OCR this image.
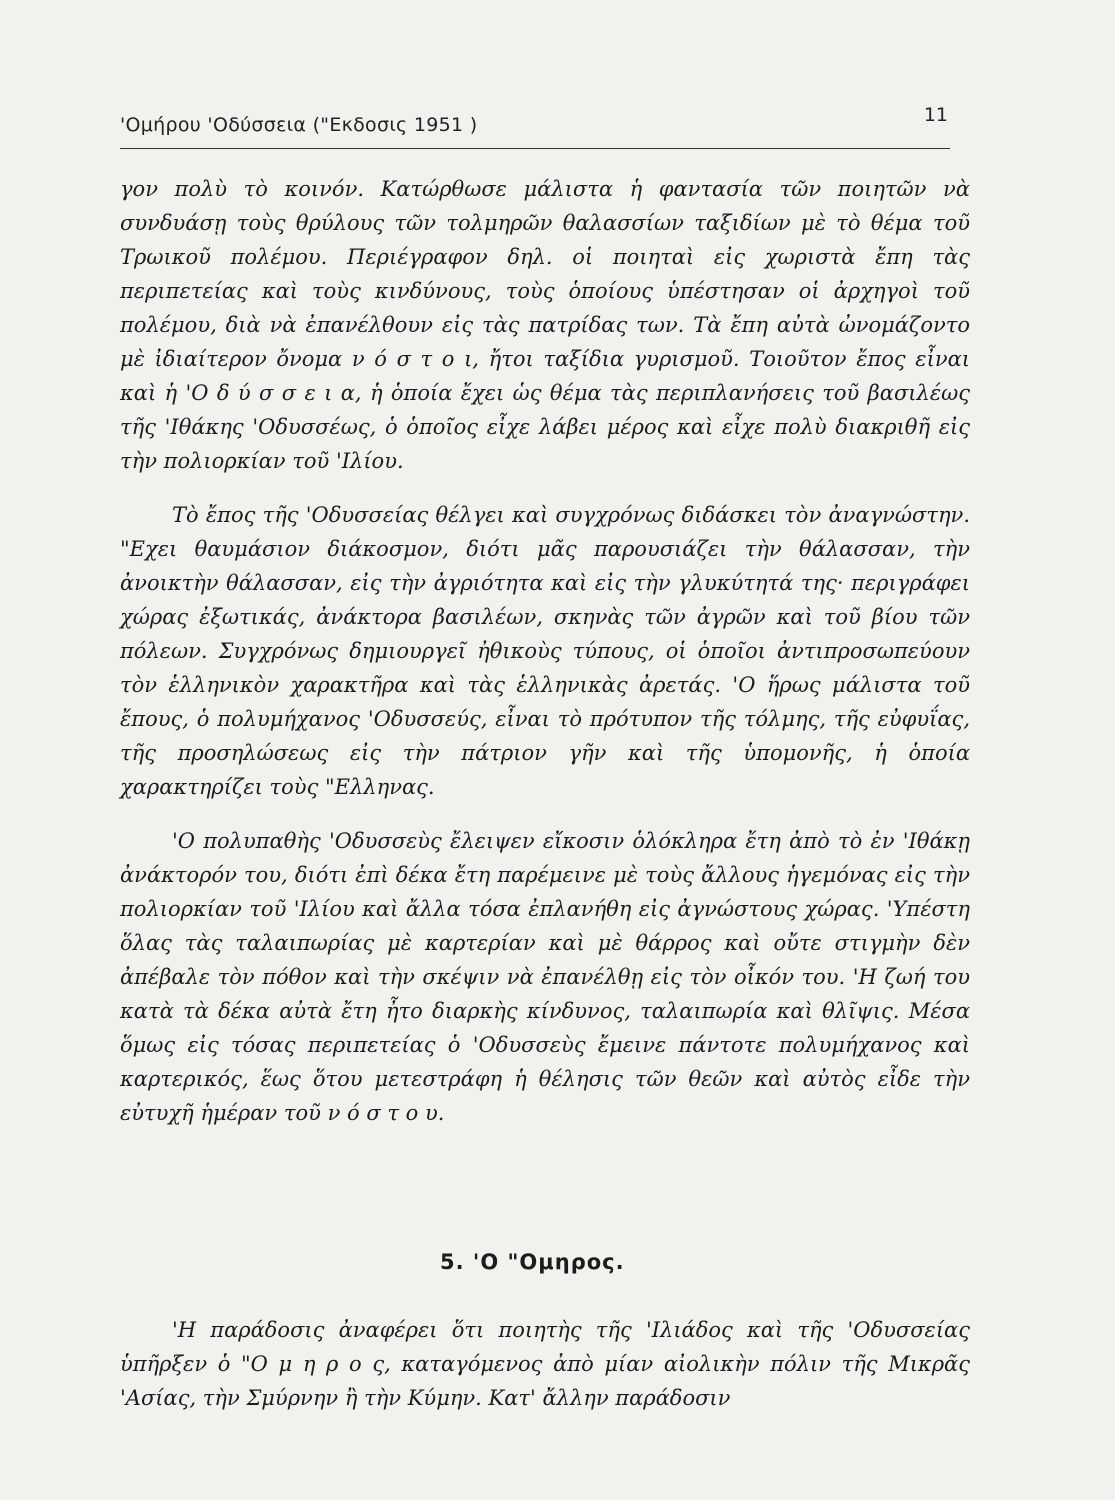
'Ομήρου 'Οδύσσεια ("Εκδοσις 1951 )	11

γον πολὺ τὸ κοινόν. Κατώρθωσε μάλιστα ἡ φαντασία τῶν ποιητῶν νὰ συνδυάσῃ τοὺς θρύλους τῶν τολμηρῶν θαλασσίων ταξιδίων μὲ τὸ θέμα τοῦ Τρωικοῦ πολέμου. Περιέγραφον δηλ. οἱ ποιηταὶ εἰς χωριστὰ ἔπη τὰς περιπετείας καὶ τοὺς κινδύνους, τοὺς ὁποίους ὑπέστησαν οἱ ἀρχηγοὶ τοῦ πολέμου, διὰ νὰ ἐπανέλθουν εἰς τὰς πατρίδας των. Τὰ ἔπη αὐτὰ ὠνομάζοντο μὲ ἰδιαίτερον ὄνομα ν ό σ τ ο ι, ἤτοι ταξίδια γυρισμοῦ. Τοιοῦτον ἔπος εἶναι καὶ ἡ 'Ο δ ύ σ σ ε ι α, ἡ ὁποία ἔχει ὡς θέμα τὰς περιπλανήσεις τοῦ βασιλέως τῆς 'Ιθάκης 'Οδυσσέως, ὁ ὁποῖος εἶχε λάβει μέρος καὶ εἶχε πολὺ διακριθῆ εἰς τὴν πολιορκίαν τοῦ 'Ιλίου.

Τὸ ἔπος τῆς 'Οδυσσείας θέλγει καὶ συγχρόνως διδάσκει τὸν ἀναγνώστην. "Εχει θαυμάσιον διάκοσμον, διότι μᾶς παρουσιάζει τὴν θάλασσαν, τὴν ἀνοικτὴν θάλασσαν, εἰς τὴν ἀγριότητα καὶ εἰς τὴν γλυκύτητά της· περιγράφει χώρας ἐξωτικάς, ἀνάκτορα βασιλέων, σκηνὰς τῶν ἀγρῶν καὶ τοῦ βίου τῶν πόλεων. Συγχρόνως δημιουργεῖ ἠθικοὺς τύπους, οἱ ὁποῖοι ἀντιπροσωπεύουν τὸν ἑλληνικὸν χαρακτῆρα καὶ τὰς ἑλληνικὰς ἀρετάς. 'Ο ἥρως μάλιστα τοῦ ἔπους, ὁ πολυμήχανος 'Οδυσσεύς, εἶναι τὸ πρότυπον τῆς τόλμης, τῆς εὐφυΐας, τῆς προσηλώσεως εἰς τὴν πάτριον γῆν καὶ τῆς ὑπομονῆς, ἡ ὁποία χαρακτηρίζει τοὺς "Ελληνας.

'Ο πολυπαθὴς 'Οδυσσεὺς ἔλειψεν εἴκοσιν ὁλόκληρα ἔτη ἀπὸ τὸ ἐν 'Ιθάκῃ ἀνάκτορόν του, διότι ἐπὶ δέκα ἔτη παρέμεινε μὲ τοὺς ἄλλους ἡγεμόνας εἰς τὴν πολιορκίαν τοῦ 'Ιλίου καὶ ἄλλα τόσα ἐπλανήθη εἰς ἀγνώστους χώρας. 'Υπέστη ὅλας τὰς ταλαιπωρίας μὲ καρτερίαν καὶ μὲ θάρρος καὶ οὔτε στιγμὴν δὲν ἀπέβαλε τὸν πόθον καὶ τὴν σκέψιν νὰ ἐπανέλθῃ εἰς τὸν οἶκόν του. 'Η ζωή του κατὰ τὰ δέκα αὐτὰ ἔτη ἦτο διαρκὴς κίνδυνος, ταλαιπωρία καὶ θλῖψις. Μέσα ὅμως εἰς τόσας περιπετείας ὁ 'Οδυσσεὺς ἔμεινε πάντοτε πολυμήχανος καὶ καρτερικός, ἕως ὅτου μετεστράφη ἡ θέλησις τῶν θεῶν καὶ αὐτὸς εἶδε τὴν εὐτυχῆ ἡμέραν τοῦ ν ό σ τ ο υ.

5. 'Ο "Ομηρος.

'Η παράδοσις ἀναφέρει ὅτι ποιητὴς τῆς 'Ιλιάδος καὶ τῆς 'Οδυσσείας ὑπῆρξεν ὁ "Ο μ η ρ ο ς, καταγόμενος ἀπὸ μίαν αἰολικὴν πόλιν τῆς Μικρᾶς 'Ασίας, τὴν Σμύρνην ἢ τὴν Κύμην. Κατ' ἄλλην παράδοσιν
